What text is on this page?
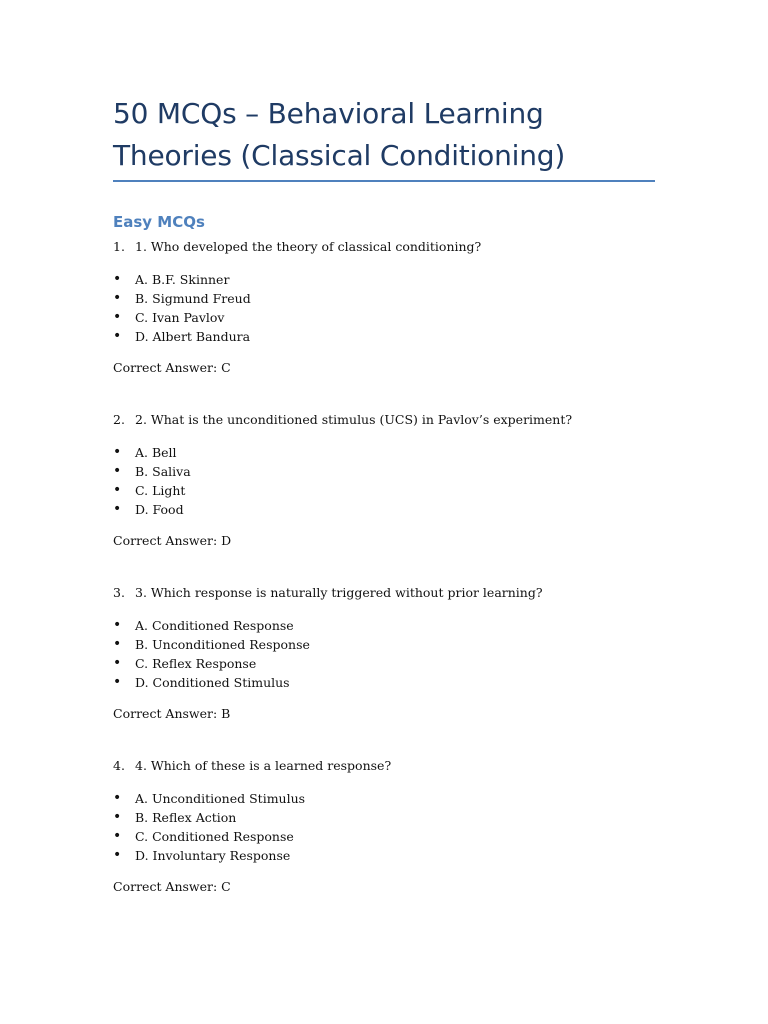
50 MCQs – Behavioral Learning
Theories (Classical Conditioning)
Easy MCQs
1. 1. Who developed the theory of classical conditioning?
• A. B.F. Skinner
• B. Sigmund Freud
• C. Ivan Pavlov
• D. Albert Bandura
Correct Answer: C
2. 2. What is the unconditioned stimulus (UCS) in Pavlov’s experiment?
• A. Bell
• B. Saliva
• C. Light
• D. Food
Correct Answer: D
3. 3. Which response is naturally triggered without prior learning?
• A. Conditioned Response
• B. Unconditioned Response
• C. Reflex Response
• D. Conditioned Stimulus
Correct Answer: B
4. 4. Which of these is a learned response?
• A. Unconditioned Stimulus
• B. Reflex Action
• C. Conditioned Response
• D. Involuntary Response
Correct Answer: C
